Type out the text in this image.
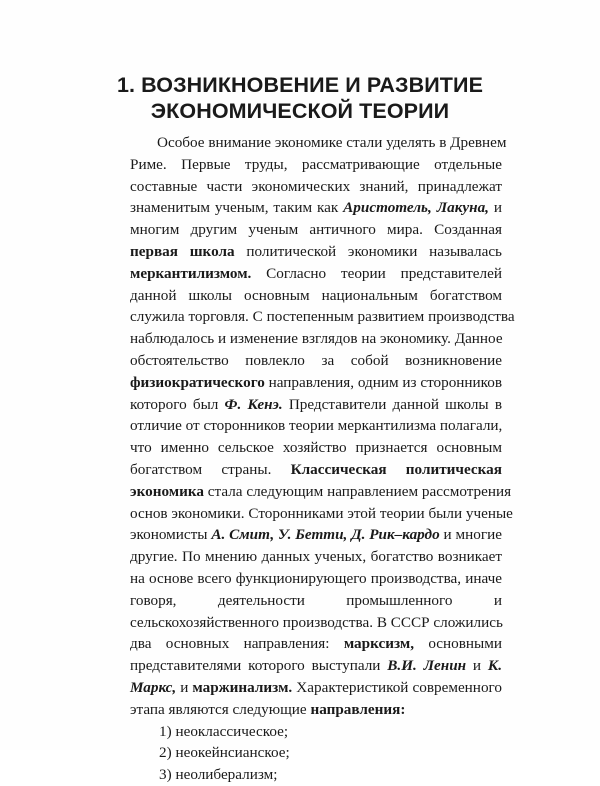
1. ВОЗНИКНОВЕНИЕ И РАЗВИТИЕ
ЭКОНОМИЧЕСКОЙ ТЕОРИИ
Особое внимание экономике стали уделять в Древнем
Риме. Первые труды, рассматривающие отдельные
составные части экономических знаний, принадлежат
знаменитым ученым, таким как Аристотель, Лакуна, и
многим другим ученым античного мира. Созданная
первая школа политической экономики называлась
меркантилизмом. Согласно теории представителей
данной школы основным национальным богатством
служила торговля. С постепенным развитием производства
наблюдалось и изменение взглядов на экономику. Данное
обстоятельство повлекло за собой возникновение
физиократического направления, одним из сторонников
которого был Ф. Кенэ. Представители данной школы в
отличие от сторонников теории меркантилизма полагали,
что именно сельское хозяйство признается основным
богатством страны. Классическая политическая
экономика стала следующим направлением рассмотрения
основ экономики. Сторонниками этой теории были ученые
экономисты А. Смит, У. Бетти, Д. Рик–кардо и многие
другие. По мнению данных ученых, богатство возникает
на основе всего функционирующего производства, иначе
говоря, деятельности промышленного и
сельскохозяйственного производства. В СССР сложились
два основных направления: марксизм, основными
представителями которого выступали В.И. Ленин и К.
Маркс, и маржинализм. Характеристикой современного
этапа являются следующие направления:
1) неоклассическое;
2) неокейнсианское;
3) неолиберализм;
